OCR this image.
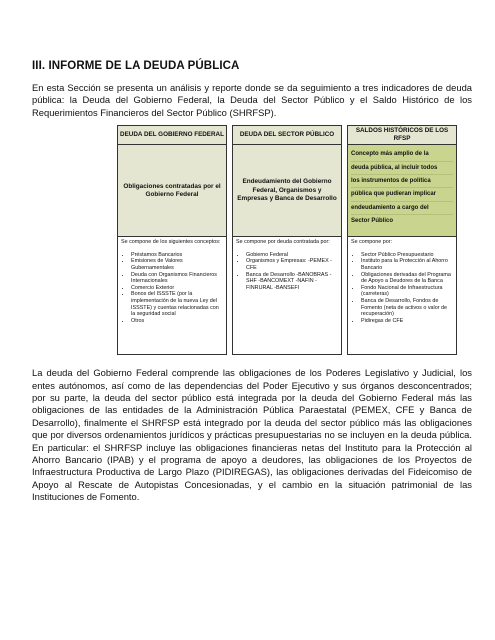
III. INFORME DE LA DEUDA PÚBLICA

En esta Sección se presenta un análisis y reporte donde se da seguimiento a tres indicadores de deuda pública: la Deuda del Gobierno Federal, la Deuda del Sector Público y el Saldo Histórico de los Requerimientos Financieros del Sector Público (SHRFSP).

DEUDA DEL GOBIERNO FEDERAL
Obligaciones contratadas por el Gobierno Federal
Se compone de los siguientes conceptos:
• Préstamos Bancarios
• Emisiones de Valores Gubernamentales
• Deuda con Organismos Financieros Internacionales
• Comercio Exterior
• Bonos del ISSSTE (por la implementación de la nueva Ley del ISSSTE) y cuentas relacionadas con la seguridad social
• Otros
DEUDA DEL SECTOR PÚBLICO
Endeudamiento del Gobierno Federal, Organismos y Empresas y Banca de Desarrollo
Se compone por deuda contratada por:
• Gobierno Federal
• Organismos y Empresas: -PEMEX -CFE
• Banca de Desarrollo -BANOBRAS -SHF -BANCOMEXT -NAFIN -FINRURAL -BANSEFI
SALDOS HISTÓRICOS DE LOS RFSP
Concepto más amplio de la
deuda pública, al incluir todos
los instrumentos de política
pública que pudieran implicar
endeudamiento a cargo del
Sector Público
Se compone por:
• Sector Público Presupuestario
• Instituto para la Protección al Ahorro Bancario
• Obligaciones derivadas del Programa de Apoyo a Deudores de la Banca
• Fondo Nacional de Infraestructura (carreteras)
• Banca de Desarrollo, Fondos de Fomento (neta de activos o valor de recuperación)
• Pidiregas de CFE

La deuda del Gobierno Federal comprende las obligaciones de los Poderes Legislativo y Judicial, los entes autónomos, así como de las dependencias del Poder Ejecutivo y sus órganos desconcentrados; por su parte, la deuda del sector público está integrada por la deuda del Gobierno Federal más las obligaciones de las entidades de la Administración Pública Paraestatal (PEMEX, CFE y Banca de Desarrollo), finalmente el SHRFSP está integrado por la deuda del sector público más las obligaciones que por diversos ordenamientos jurídicos y prácticas presupuestarias no se incluyen en la deuda pública. En particular: el SHRFSP incluye las obligaciones financieras netas del Instituto para la Protección al Ahorro Bancario (IPAB) y el programa de apoyo a deudores, las obligaciones de los Proyectos de Infraestructura Productiva de Largo Plazo (PIDIREGAS), las obligaciones derivadas del Fideicomiso de Apoyo al Rescate de Autopistas Concesionadas, y el cambio en la situación patrimonial de las Instituciones de Fomento.
